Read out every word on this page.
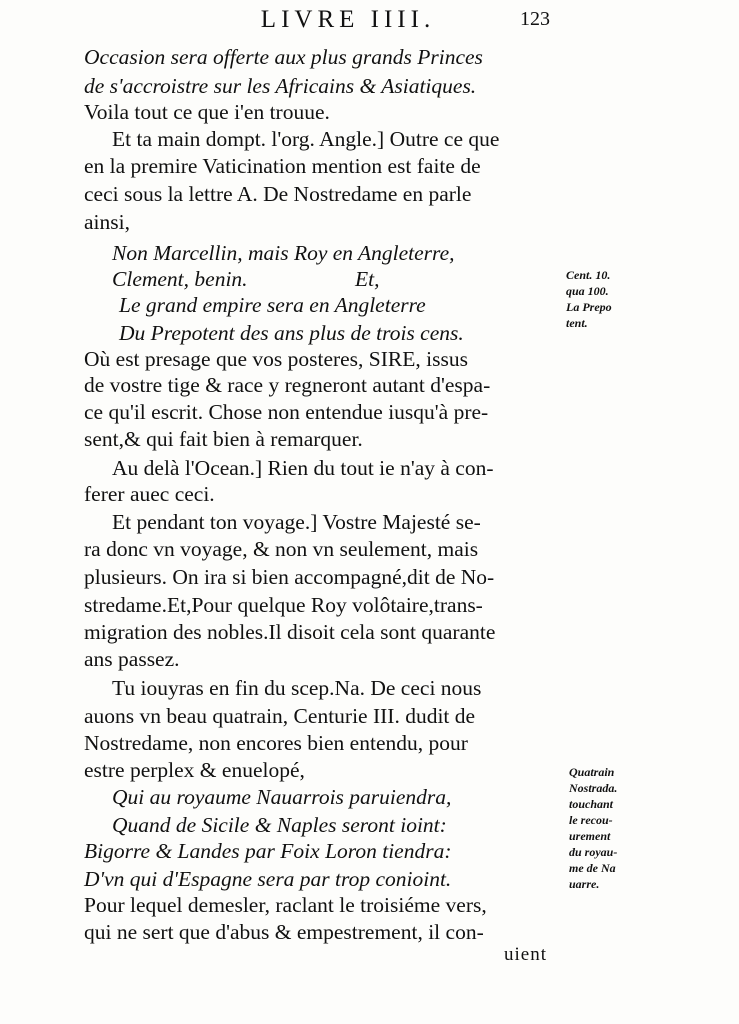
LIVRE IIII.	123
Occasion sera offerte aux plus grands Princes
de s'accroistre sur les Africains & Asiatiques.
Voila tout ce que i'en trouue.
Et ta main dompt. l'org. Angle.] Outre ce que
en la premire Vaticination mention est faite de
ceci sous la lettre A. De Nostredame en parle
ainsi,
Non Marcellin, mais Roy en Angleterre,
Clement, benin.                    Et,
Le grand empire sera en Angleterre
Du Prepotent des ans plus de trois cens.
Où est presage que vos posteres, SIRE, issus
de vostre tige & race y regneront autant d'espa-
ce qu'il escrit. Chose non entendue iusqu'à pre-
sent,& qui fait bien à remarquer.
Au delà l'Ocean.] Rien du tout ie n'ay à con-
ferer auec ceci.
Et pendant ton voyage.] Vostre Majesté se-
ra donc vn voyage, & non vn seulement, mais
plusieurs. On ira si bien accompagné,dit de No-
stredame.Et,Pour quelque Roy volôtaire,trans-
migration des nobles.Il disoit cela sont quarante
ans passez.
Tu iouyras en fin du scep.Na. De ceci nous
auons vn beau quatrain, Centurie III. dudit de
Nostredame, non encores bien entendu, pour
estre perplex & enuelopé,
Qui au royaume Nauarrois paruiendra,
Quand de Sicile & Naples seront ioint:
Bigorre & Landes par Foix Loron tiendra:
D'vn qui d'Espagne sera par trop conioint.
Pour lequel demesler, raclant le troisiéme vers,
qui ne sert que d'abus & empestrement, il con-
uient
Cent. 10.
qua 100.
La Prepo
tent.
Quatrain
Nostrada.
touchant
le recou-
urement
du royau-
me de Na
uarre.
